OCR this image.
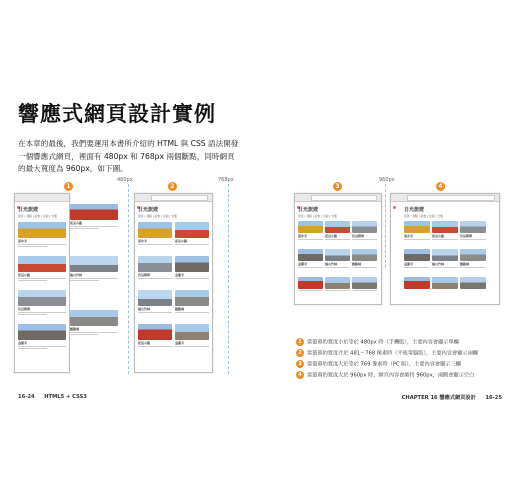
響應式網頁設計實例
在本章的最後，我們要運用本書所介紹的 HTML 與 CSS 語法開發一個響應式網頁，裡面有 480px 和 768px 兩個斷點，同時網頁的最大寬度為 960px，如下圖。
480px	768px	960px
1	2	3	4
日光旅遊
首頁 | 景點 | 美食 | 住宿 | 交通
清水寺
花見小路
伏見稻荷
金閣寺
花見小路
嵐山竹林
姬路城
日光旅遊
首頁 | 景點 | 美食 | 住宿 | 交通
清水寺	花見小路
伏見稻荷	金閣寺
嵐山竹林	姬路城
花見小路	金閣寺
日光旅遊
首頁 | 景點 | 美食 | 住宿 | 交通
清水寺	花見小路	伏見稻荷
金閣寺	嵐山竹林	姬路城
日光旅遊
首頁 | 景點 | 美食 | 住宿 | 交通
清水寺	花見小路	伏見稻荷
金閣寺	嵐山竹林	姬路城
1 當螢幕的寬度小於等於 480px 時（手機版），主要內容會顯示單欄
2 當螢幕的寬度介於 481～768 像素時（平板電腦版），主要內容會顯示兩欄
3 當螢幕的寬度大於等於 769 像素時（PC 版），主要內容會顯示三欄
4 當螢幕的寬度大於 960px 時，網頁內容會維持 960px，兩側會顯示空白
16-24 HTML5 + CSS3	CHAPTER 16 響應式網頁設計 16-25
